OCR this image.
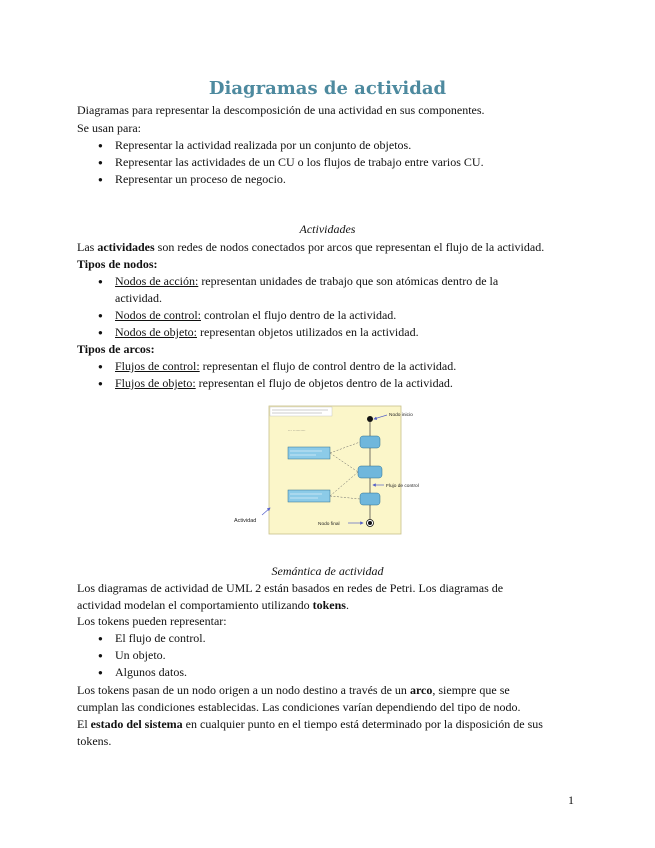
Diagramas de actividad
Diagramas para representar la descomposición de una actividad en sus componentes.
Se usan para:
● Representar la actividad realizada por un conjunto de objetos.
● Representar las actividades de un CU o los flujos de trabajo entre varios CU.
● Representar un proceso de negocio.
Actividades
Las actividades son redes de nodos conectados por arcos que representan el flujo de la actividad.
Tipos de nodos:
● Nodos de acción: representan unidades de trabajo que son atómicas dentro de la actividad.
● Nodos de control: controlan el flujo dentro de la actividad.
● Nodos de objeto: representan objetos utilizados en la actividad.
Tipos de arcos:
● Flujos de control: representan el flujo de control dentro de la actividad.
● Flujos de objeto: representan el flujo de objetos dentro de la actividad.
... ..........
Nodo inicio
Flujo de control
Nodo final
Actividad
Semántica de actividad
Los diagramas de actividad de UML 2 están basados en redes de Petri. Los diagramas de
actividad modelan el comportamiento utilizando tokens.
Los tokens pueden representar:
● El flujo de control.
● Un objeto.
● Algunos datos.
Los tokens pasan de un nodo origen a un nodo destino a través de un arco, siempre que se
cumplan las condiciones establecidas. Las condiciones varían dependiendo del tipo de nodo.
El estado del sistema en cualquier punto en el tiempo está determinado por la disposición de sus
tokens.
1
